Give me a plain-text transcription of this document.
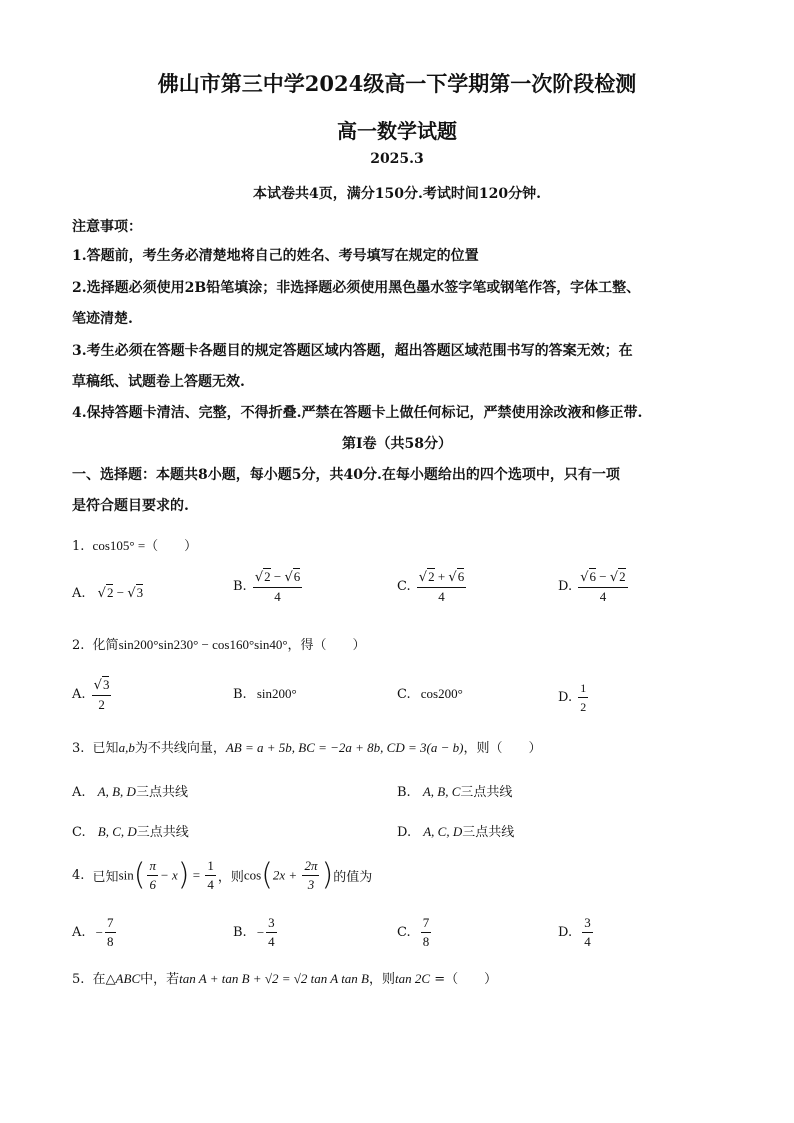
佛山市第三中学2024级高一下学期第一次阶段检测
高一数学试题
2025.3
本试卷共4页，满分150分.考试时间120分钟.
注意事项：
1.答题前，考生务必清楚地将自己的姓名、考号填写在规定的位置
2.选择题必须使用2B铅笔填涂；非选择题必须使用黑色墨水签字笔或钢笔作答，字体工整、
笔迹清楚.
3.考生必须在答题卡各题目的规定答题区域内答题，超出答题区域范围书写的答案无效；在
草稿纸、试题卷上答题无效.
4.保持答题卡清洁、完整，不得折叠.严禁在答题卡上做任何标记，严禁使用涂改液和修正带.
第I卷（共58分）
一、选择题：本题共8小题，每小题5分，共40分.在每小题给出的四个选项中，只有一项
是符合题目要求的.
1. cos105° =（　　）
A. √2 − √3	B. $\frac{√2 - √6}{4}$	C. $\frac{√2 + √6}{4}$	D. $\frac{√6 - √2}{4}$
2. 化简sin200°sin230° − cos160°sin40°，得（　　）
A. $\frac{√3}{2}$	B. sin200°	C. cos200°	D. $\frac{1}{2}$
3. 已知a,b为不共线向量，AB = a + 5b, BC = −2a + 8b, CD = 3(a − b)，则（　　）
A. A, B, D三点共线	B. A, B, C三点共线
C. B, C, D三点共线	D. A, C, D三点共线
4. 已知$\sin( \frac{\pi}{6} - x) = \frac{1}{4}$ ，则$\cos(2x + \frac{2\pi}{3}$ )的值为
A. − $\frac{7}{8}$	B. − $\frac{3}{4}$	C. $\frac{7}{8}$	D. $\frac{3}{4}$
5. 在△ABC中，若tan A + tan B + √2 = √2 tan A tan B，则tan 2C =（　　）
